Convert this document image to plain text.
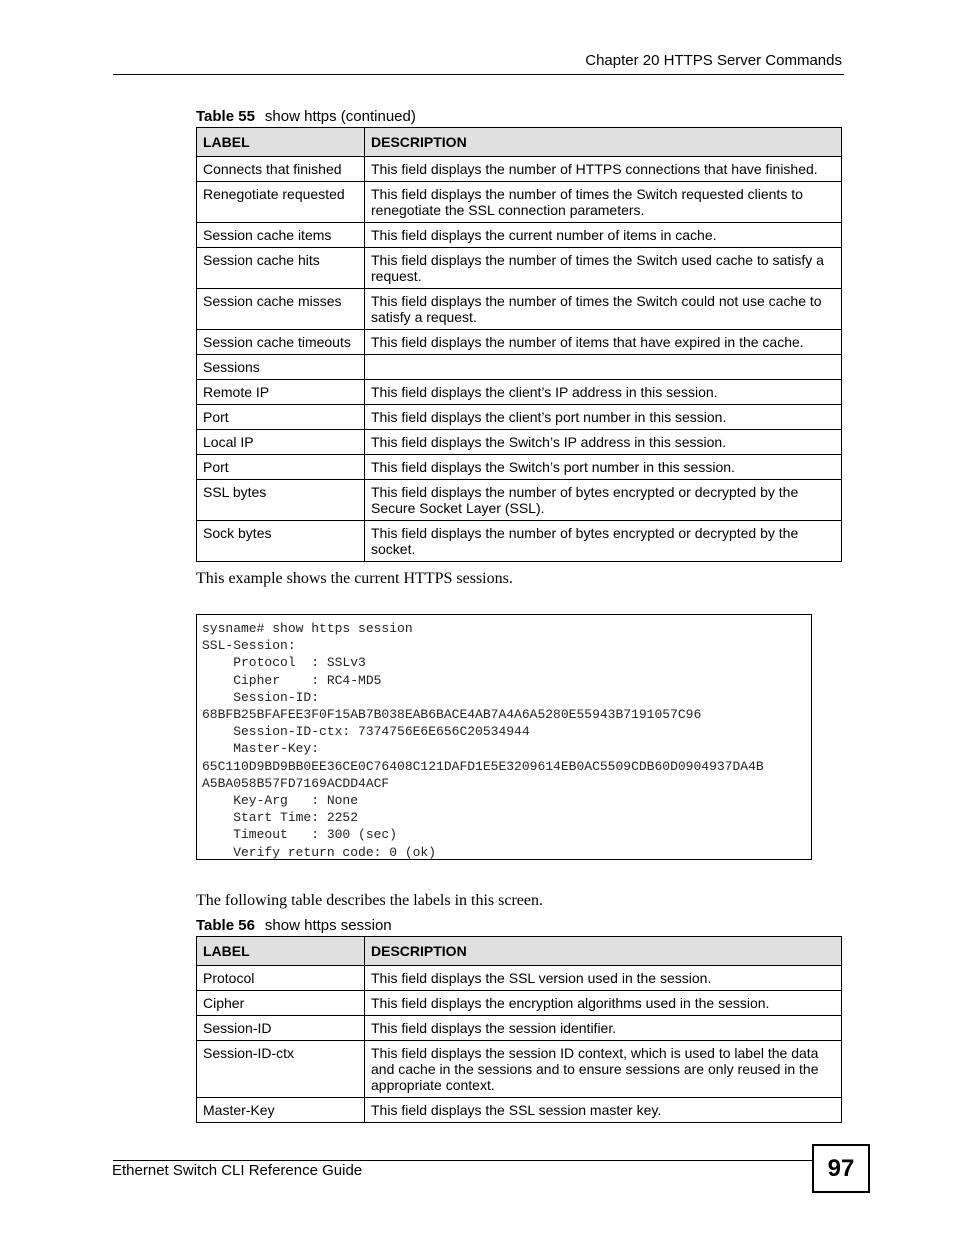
Chapter 20 HTTPS Server Commands
Table 55 show https (continued)
LABEL	DESCRIPTION
Connects that finished	This field displays the number of HTTPS connections that have finished.
Renegotiate requested	This field displays the number of times the Switch requested clients to renegotiate the SSL connection parameters.
Session cache items	This field displays the current number of items in cache.
Session cache hits	This field displays the number of times the Switch used cache to satisfy a request.
Session cache misses	This field displays the number of times the Switch could not use cache to satisfy a request.
Session cache timeouts	This field displays the number of items that have expired in the cache.
Sessions	
Remote IP	This field displays the client’s IP address in this session.
Port	This field displays the client’s port number in this session.
Local IP	This field displays the Switch’s IP address in this session.
Port	This field displays the Switch’s port number in this session.
SSL bytes	This field displays the number of bytes encrypted or decrypted by the Secure Socket Layer (SSL).
Sock bytes	This field displays the number of bytes encrypted or decrypted by the socket.
This example shows the current HTTPS sessions.
sysname# show https session
SSL-Session:
Protocol  : SSLv3
Cipher    : RC4-MD5
Session-ID:
68BFB25BFAFEE3F0F15AB7B038EAB6BACE4AB7A4A6A5280E55943B7191057C96
Session-ID-ctx: 7374756E6E656C20534944
Master-Key:
65C110D9BD9BB0EE36CE0C76408C121DAFD1E5E3209614EB0AC5509CDB60D0904937DA4B
A5BA058B57FD7169ACDD4ACF
Key-Arg   : None
Start Time: 2252
Timeout   : 300 (sec)
Verify return code: 0 (ok)
The following table describes the labels in this screen.
Table 56 show https session
LABEL	DESCRIPTION
Protocol	This field displays the SSL version used in the session.
Cipher	This field displays the encryption algorithms used in the session.
Session-ID	This field displays the session identifier.
Session-ID-ctx	This field displays the session ID context, which is used to label the data and cache in the sessions and to ensure sessions are only reused in the appropriate context.
Master-Key	This field displays the SSL session master key.
Ethernet Switch CLI Reference Guide	97
